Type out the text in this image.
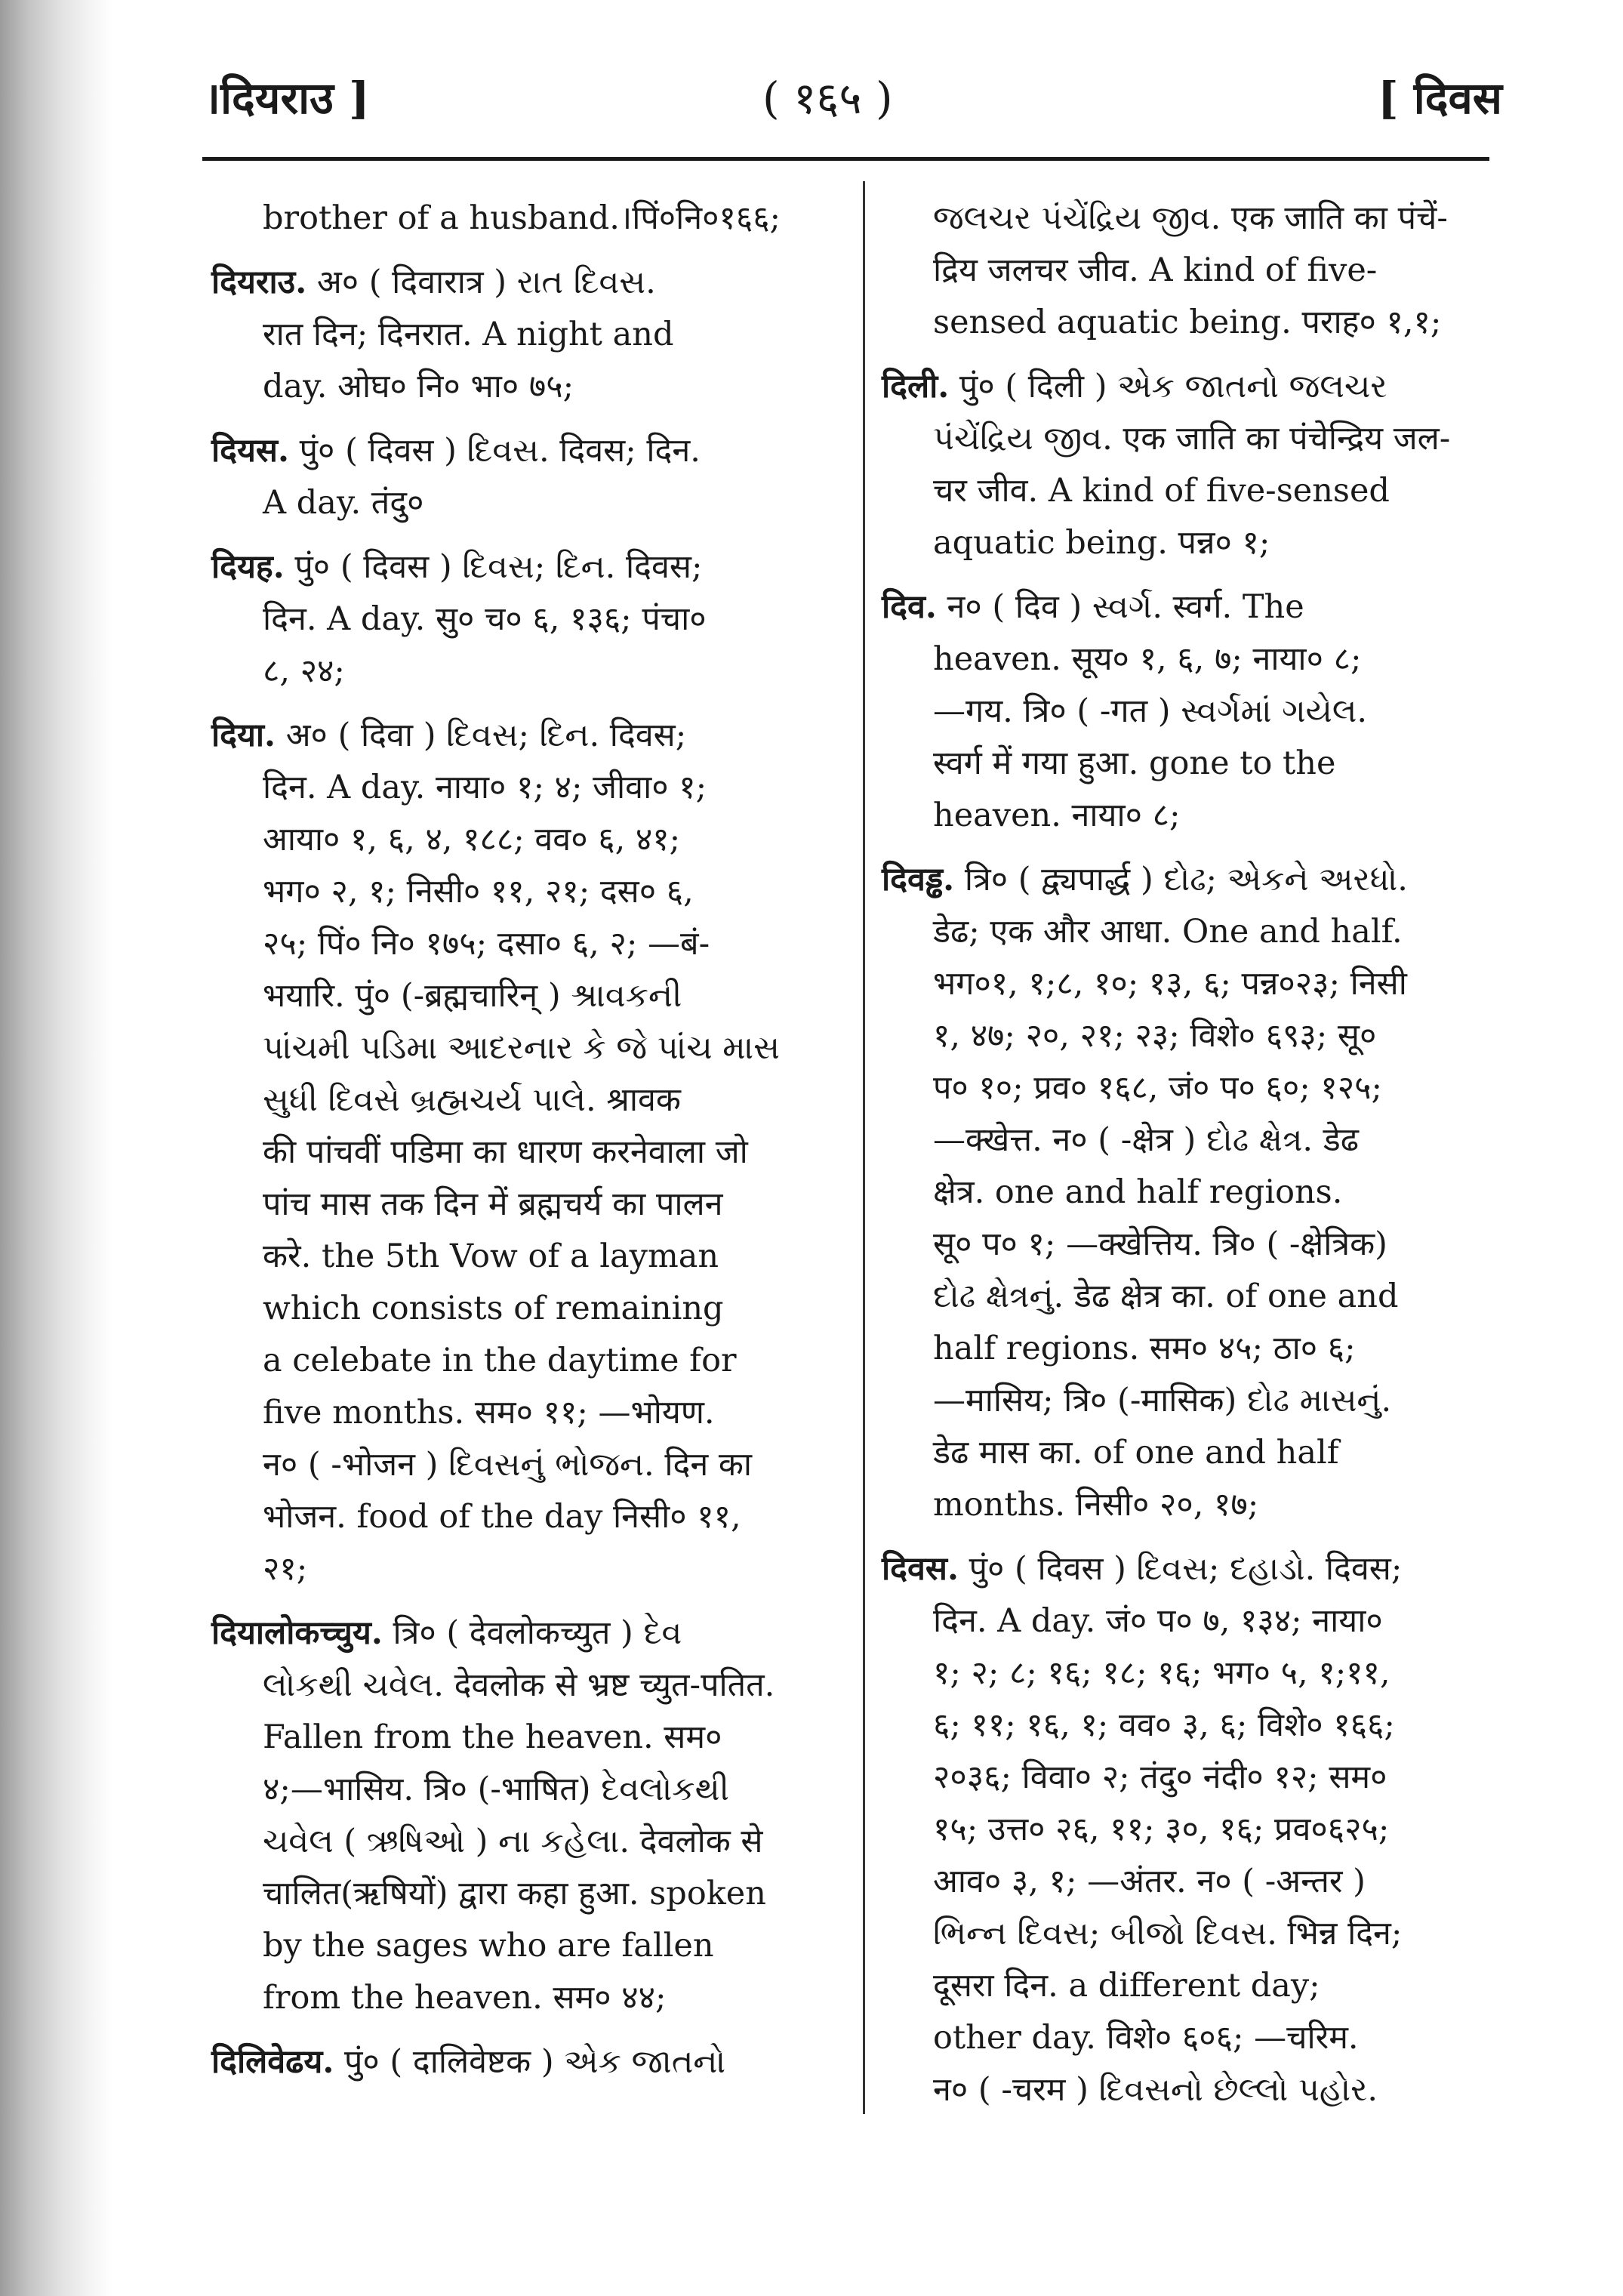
।दियराउ ]	( १६५ )	[ दिवस
brother of a husband.।पिं०नि०१६६;
दियराउ. अ० ( दिवारात्र ) રાત દિવસ.
रात दिन; दिनरात. A night and
day. ओघ० नि० भा० ७५;
दियस. पुं० ( दिवस ) દિવસ. दिवस; दिन.
A day. तंदु०
दियह. पुं० ( दिवस ) દિવસ; દિન. दिवस;
दिन. A day. सु० च० ६, १३६; पंचा०
८, २४;
दिया. अ० ( दिवा ) દિવસ; દિન. दिवस;
दिन. A day. नाया० १; ४; जीवा० १;
आया० १, ६, ४, १८८; वव० ६, ४१;
भग० २, १; निसी० ११, २१; दस० ६,
२५; पिं० नि० १७५; दसा० ६, २; —बं-
भयारि. पुं० (-ब्रह्मचारिन् ) શ્રાવકની
પાંચમી પડિમા આદરનાર કે જે પાંચ માસ
સુધી દિવસે બ્રહ્મચર્ય પાલે. श्रावक
की पांचवीं पडिमा का धारण करनेवाला जो
पांच मास तक दिन में ब्रह्मचर्य का पालन
करे. the 5th Vow of a layman
which consists of remaining
a celebate in the daytime for
five months. सम० ११; —भोयण.
न० ( -भोजन ) દિવસનું ભોજન. दिन का
भोजन. food of the day निसी० ११,
२१;
दियालोकच्चुय. त्रि० ( देवलोकच्युत ) દેવ
લોકથી ચવેલ. देवलोक से भ्रष्ट च्युत-पतित.
Fallen from the heaven. सम०
४;—भासिय. त्रि० (-भाषित) દેવલોકથી
ચવેલ ( ઋષિઓ ) ના કહેલા. देवलोक से
चालित(ऋषियों) द्वारा कहा हुआ. spoken
by the sages who are fallen
from the heaven. सम० ४४;
दिलिवेढय. पुं० ( दालिवेष्टक ) એક જાતનો
જલચર પંચેંદ્રિય જીવ. एक जाति का पंचें-
द्रिय जलचर जीव. A kind of five-
sensed aquatic being. पराह० १,१;
दिली. पुं० ( दिली ) એક જાતનો જલચર
પંચેંદ્રિય જીવ. एक जाति का पंचेन्द्रिय जल-
चर जीव. A kind of five-sensed
aquatic being. पन्न० १;
दिव. न० ( दिव ) સ્વર્ગ. स्वर्ग. The
heaven. सूय० १, ६, ७; नाया० ८;
—गय. त्रि० ( -गत ) સ્વર્ગમાં ગયેલ.
स्वर्ग में गया हुआ. gone to the
heaven. नाया० ८;
दिवड्ढ. त्रि० ( द्व्यपार्द्ध ) દોઢ; એકને અરધો.
डेढ; एक और आधा. One and half.
भग०१, १;८, १०; १३, ६; पन्न०२३; निसी
१, ४७; २०, २१; २३; विशे० ६९३; सू०
प० १०; प्रव० १६८, जं० प० ६०; १२५;
—क्खेत्त. न० ( -क्षेत्र ) દોઢ ક્ષેત્ર. डेढ
क्षेत्र. one and half regions.
सू० प० १; —क्खेत्तिय. त्रि० ( -क्षेत्रिक)
દોઢ ક્ષેત્રનું. डेढ क्षेत्र का. of one and
half regions. सम० ४५; ठा० ६;
—मासिय; त्रि० (-मासिक) દોઢ માસનું.
डेढ मास का. of one and half
months. निसी० २०, १७;
दिवस. पुं० ( दिवस ) દિવસ; દહાડો. दिवस;
दिन. A day. जं० प० ७, १३४; नाया०
१; २; ८; १६; १८; १६; भग० ५, १;११,
६; ११; १६, १; वव० ३, ६; विशे० १६६;
२०३६; विवा० २; तंदु० नंदी० १२; सम०
१५; उत्त० २६, ११; ३०, १६; प्रव०६२५;
आव० ३, १; —अंतर. न० ( -अन्तर )
ભિન્ન દિવસ; બીજો દિવસ. भिन्न दिन;
दूसरा दिन. a different day;
other day. विशे० ६०६; —चरिम.
न० ( -चरम ) દિવસનો છેલ્લો પહોર.
